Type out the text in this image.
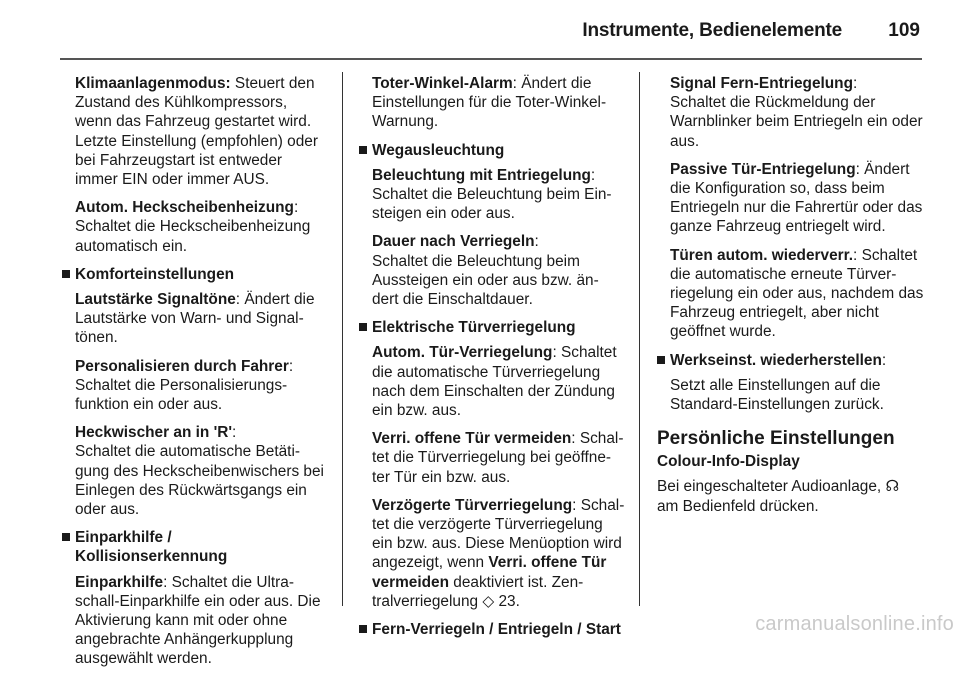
Instrumente, Bedienelemente 109

Klimaanlagenmodus: Steuert den Zustand des Kühlkompressors, wenn das Fahrzeug gestartet wird. Letzte Einstellung (empfohlen) oder bei Fahrzeugstart ist entweder immer EIN oder immer AUS.

Autom. Heckscheibenheizung: Schaltet die Heckscheibenheizung automatisch ein.

Komforteinstellungen

Lautstärke Signaltöne: Ändert die Lautstärke von Warn- und Signal-tönen.

Personalisieren durch Fahrer:
Schaltet die Personalisierungs-funktion ein oder aus.

Heckwischer an in 'R':
Schaltet die automatische Betäti-gung des Heckscheibenwischers bei Einlegen des Rückwärtsgangs ein oder aus.

Einparkhilfe / Kollisionserkennung

Einparkhilfe: Schaltet die Ultra-schall-Einparkhilfe ein oder aus. Die Aktivierung kann mit oder ohne angebrachte Anhängerkupplung ausgewählt werden.

Toter-Winkel-Alarm: Ändert die Einstellungen für die Toter-Winkel-Warnung.

Wegausleuchtung

Beleuchtung mit Entriegelung:
Schaltet die Beleuchtung beim Ein-steigen ein oder aus.

Dauer nach Verriegeln:
Schaltet die Beleuchtung beim Aussteigen ein oder aus bzw. än-dert die Einschaltdauer.

Elektrische Türverriegelung

Autom. Tür-Verriegelung: Schaltet die automatische Türverriegelung nach dem Einschalten der Zündung ein bzw. aus.

Verri. offene Tür vermeiden: Schal-tet die Türverriegelung bei geöffne-ter Tür ein bzw. aus.

Verzögerte Türverriegelung: Schal-tet die verzögerte Türverriegelung ein bzw. aus. Diese Menüoption wird angezeigt, wenn Verri. offene Tür vermeiden deaktiviert ist. Zen-tralverriegelung ◇ 23.

Fern-Verriegeln / Entriegeln / Start

Signal Fern-Entriegelung:
Schaltet die Rückmeldung der Warnblinker beim Entriegeln ein oder aus.

Passive Tür-Entriegelung: Ändert die Konfiguration so, dass beim Entriegeln nur die Fahrertür oder das ganze Fahrzeug entriegelt wird.

Türen autom. wiederverr.: Schaltet die automatische erneute Türver-riegelung ein oder aus, nachdem das Fahrzeug entriegelt, aber nicht geöffnet wurde.

Werkseinst. wiederherstellen:

Setzt alle Einstellungen auf die Standard-Einstellungen zurück.

Persönliche Einstellungen
Colour-Info-Display

Bei eingeschalteter Audioanlage, ☊
am Bedienfeld drücken.

carmanualsonline.info
